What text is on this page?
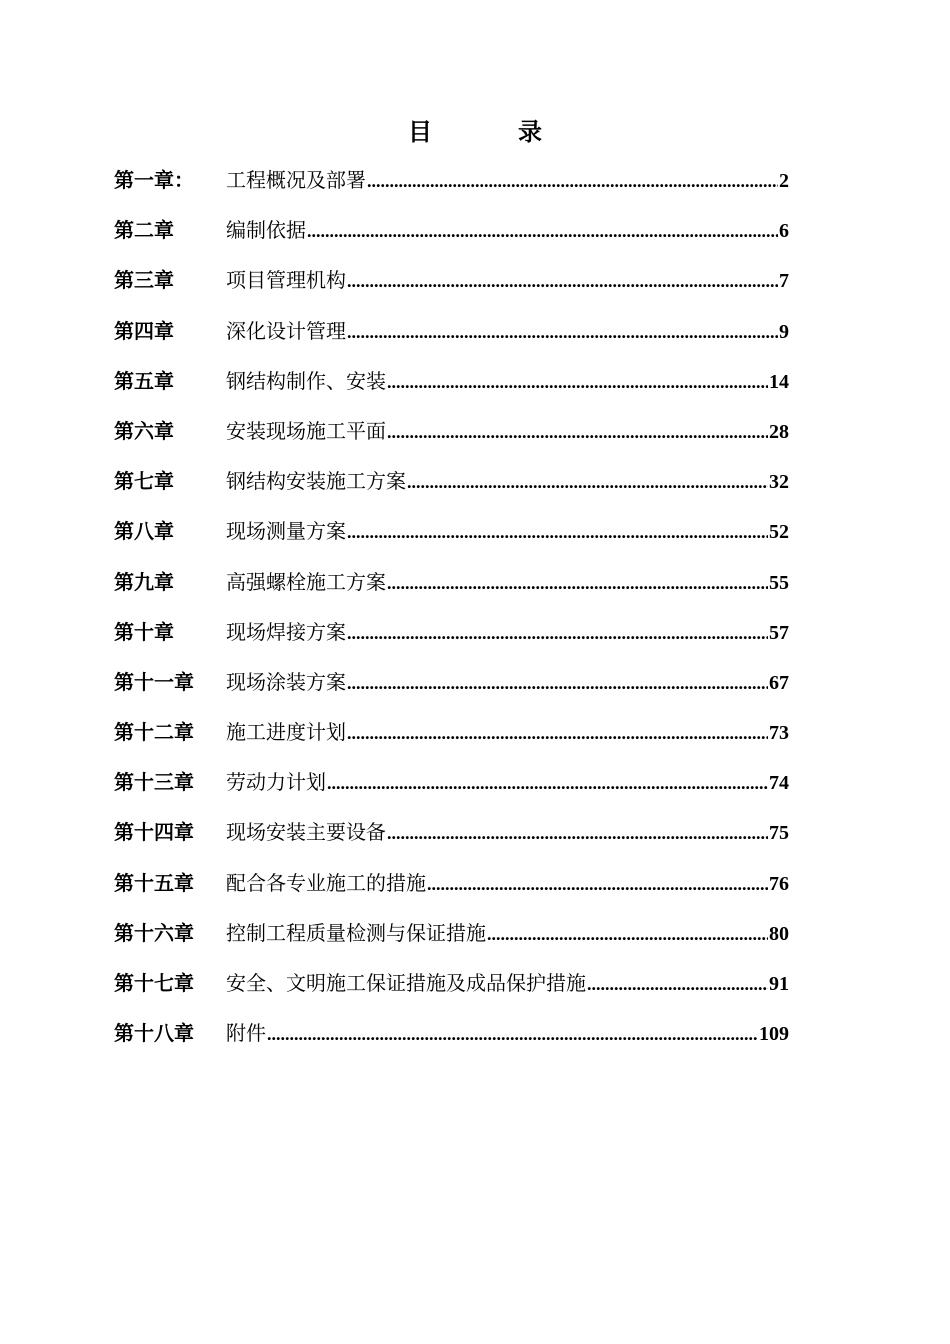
目	录
第一章：	工程概况及部署 .....	2
第二章	编制依据 .....	6
第三章	项目管理机构 .....	7
第四章	深化设计管理 .....	9
第五章	钢结构制作、安装 .....	14
第六章	安装现场施工平面 .....	28
第七章	钢结构安装施工方案 .....	32
第八章	现场测量方案 .....	52
第九章	高强螺栓施工方案 .....	55
第十章	现场焊接方案 .....	57
第十一章	现场涂装方案 .....	67
第十二章	施工进度计划 .....	73
第十三章	劳动力计划 .....	74
第十四章	现场安装主要设备 .....	75
第十五章	配合各专业施工的措施 .....	76
第十六章	控制工程质量检测与保证措施 .....	80
第十七章	安全、文明施工保证措施及成品保护措施 .....	91
第十八章	附件 .....	109
